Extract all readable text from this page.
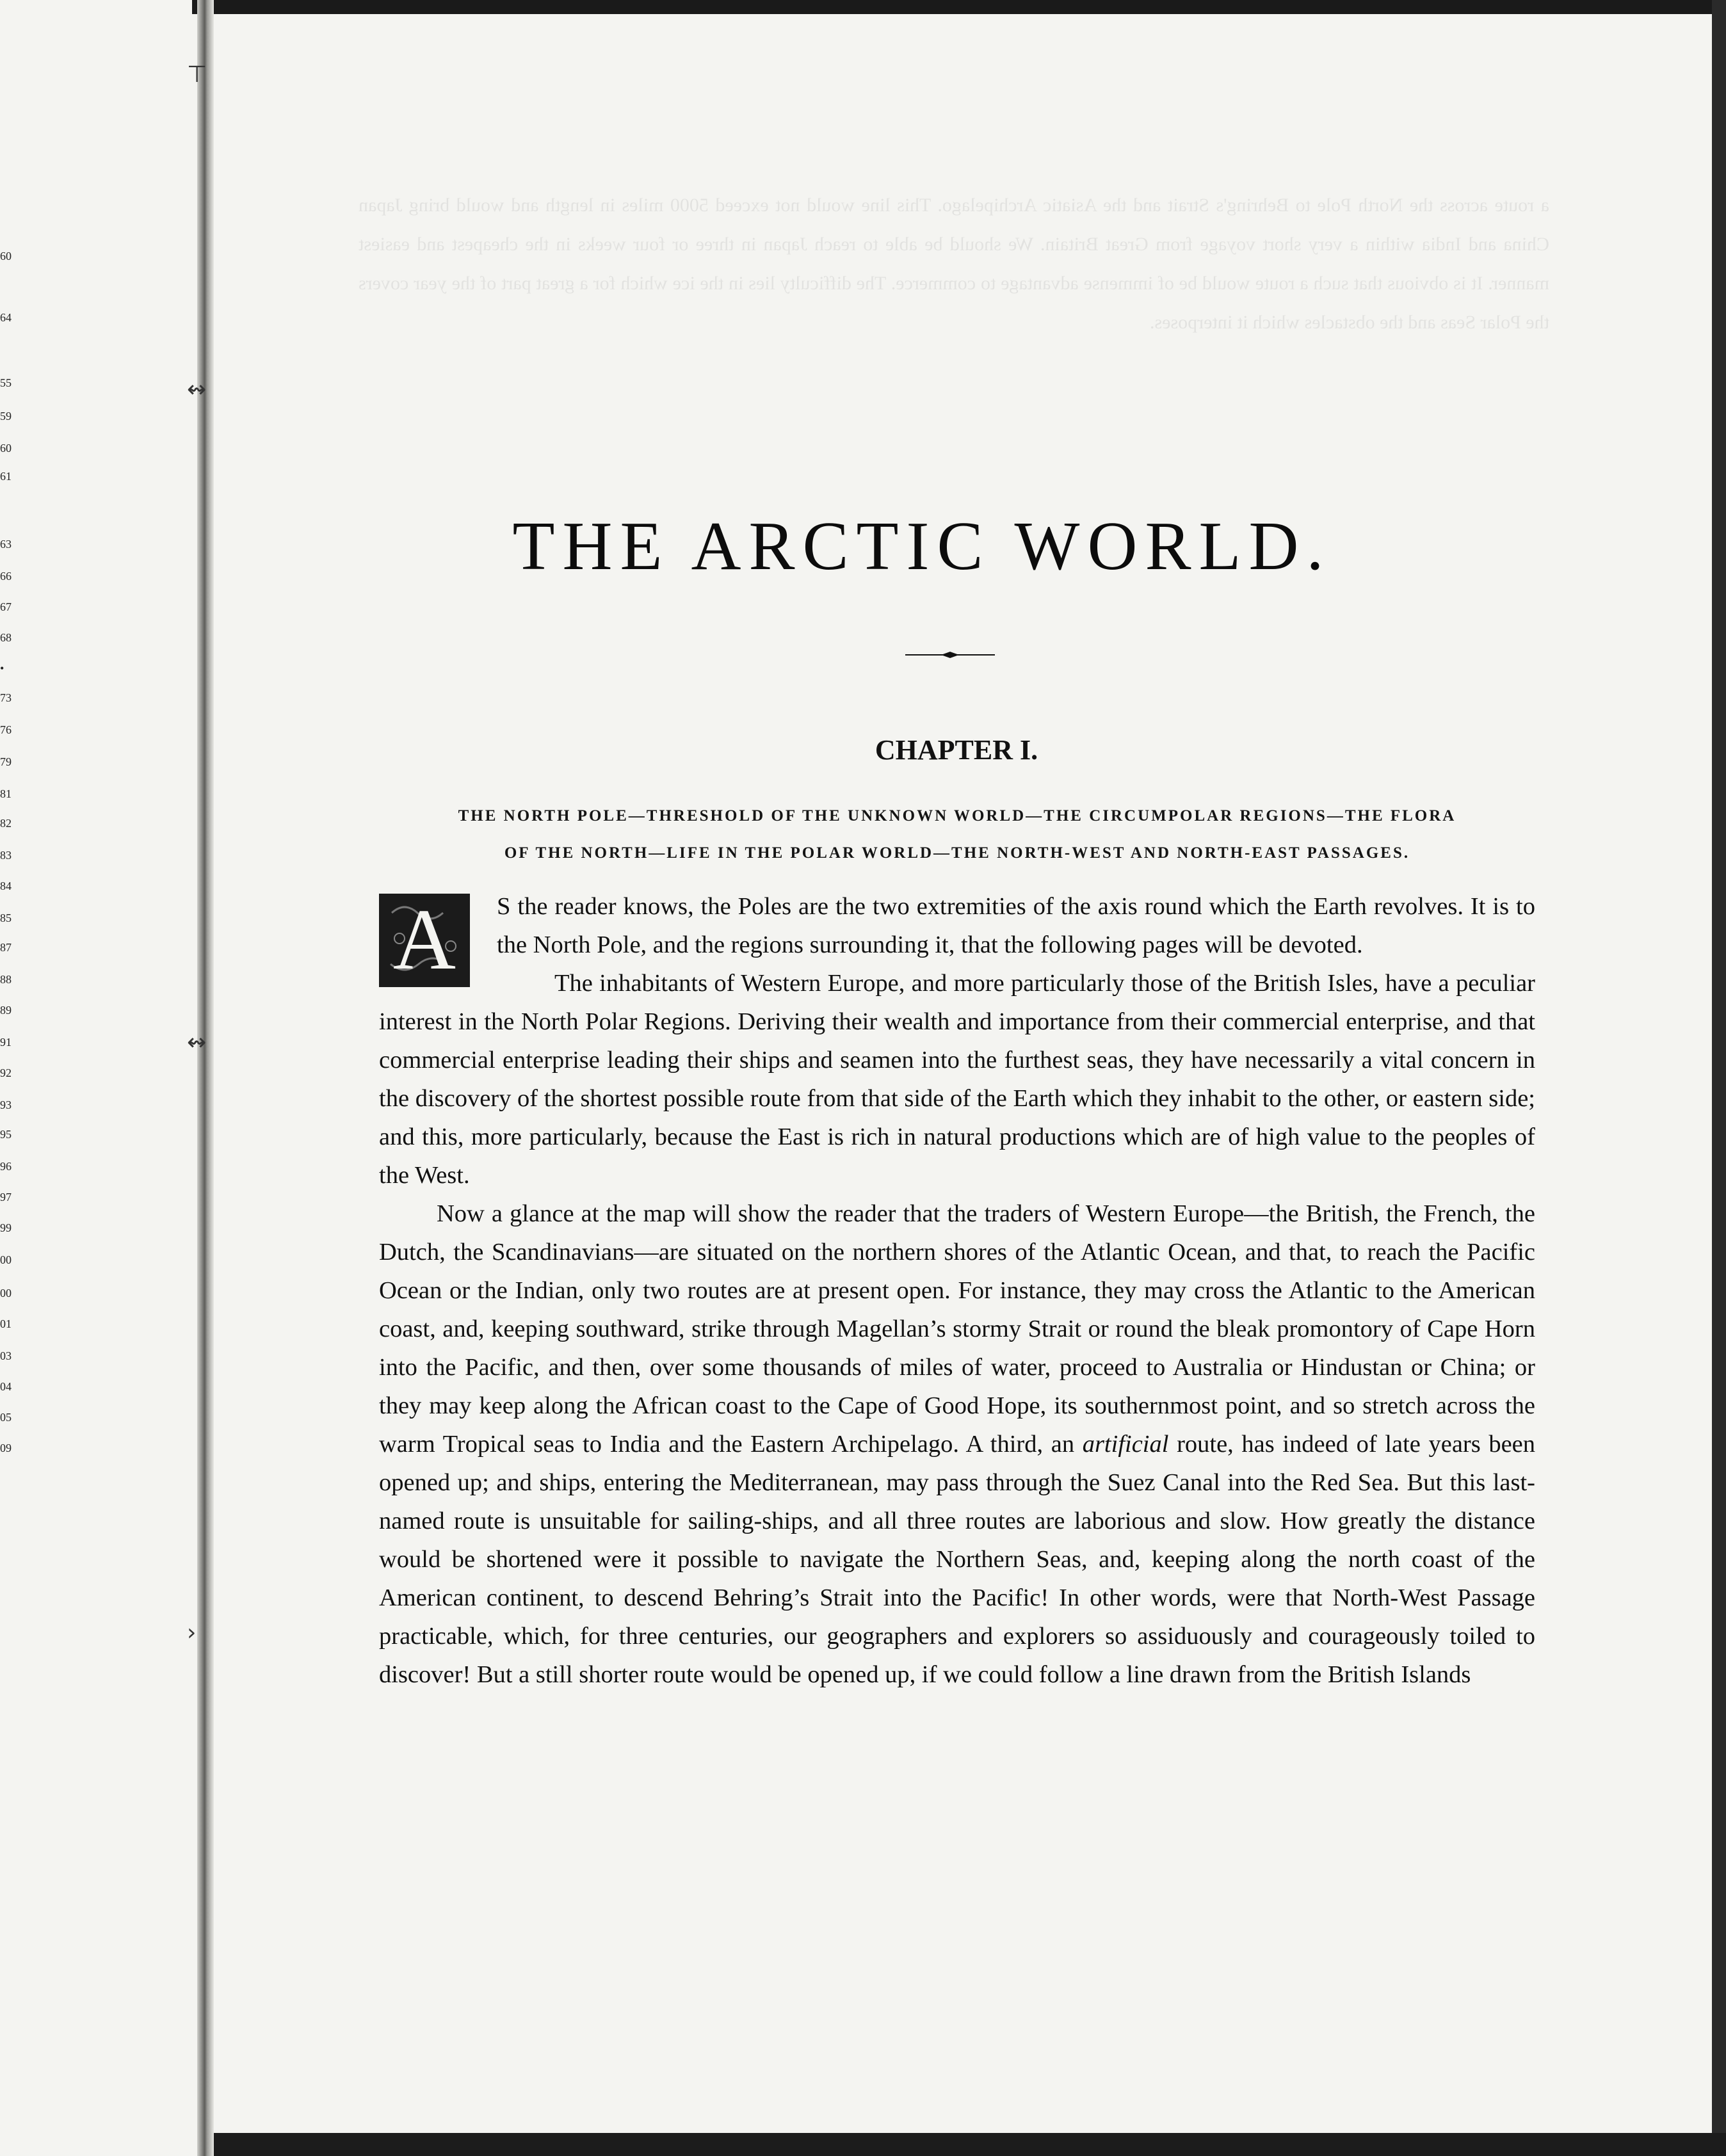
⊤
↭
↭
›
60
64
55
59
60
61
63
66
67
68
•
73
76
79
81
82
83
84
85
87
88
89
91
92
93
95
96
97
99
00
00
01
03
04
05
09
a route across the North Pole to Behring's Strait and the Asiatic Archipelago. This line would not exceed 5000 miles in length and would bring Japan China and India within a very short voyage from Great Britain. We should be able to reach Japan in three or four weeks in the cheapest and easiest manner. It is obvious that such a route would be of immense advantage to commerce. The difficulty lies in the ice which for a great part of the year covers the Polar Seas and the obstacles which it interposes.
THE ARCTIC WORLD.
CHAPTER I.
THE NORTH POLE—THRESHOLD OF THE UNKNOWN WORLD—THE CIRCUMPOLAR REGIONS—THE FLORA
OF THE NORTH—LIFE IN THE POLAR WORLD—THE NORTH-WEST AND NORTH-EAST PASSAGES.

A	S the reader knows, the Poles are the two extremities of the axis round which the Earth revolves. It is to the North Pole, and the regions surrounding it, that the following pages will be devoted.

The inhabitants of Western Europe, and more particularly those of the British Isles, have a peculiar interest in the North Polar Regions. Deriving their wealth and importance from their commercial enterprise, and that commercial enterprise leading their ships and seamen into the furthest seas, they have necessarily a vital concern in the discovery of the shortest possible route from that side of the Earth which they inhabit to the other, or eastern side; and this, more particularly, because the East is rich in natural productions which are of high value to the peoples of the West.

Now a glance at the map will show the reader that the traders of Western Europe—the British, the French, the Dutch, the Scandinavians—are situated on the northern shores of the Atlantic Ocean, and that, to reach the Pacific Ocean or the Indian, only two routes are at present open. For instance, they may cross the Atlantic to the American coast, and, keeping southward, strike through Magellan’s stormy Strait or round the bleak promontory of Cape Horn into the Pacific, and then, over some thousands of miles of water, proceed to Australia or Hindustan or China; or they may keep along the African coast to the Cape of Good Hope, its southernmost point, and so stretch across the warm Tropical seas to India and the Eastern Archipelago. A third, an artificial route, has indeed of late years been opened up; and ships, entering the Mediterranean, may pass through the Suez Canal into the Red Sea. But this last-named route is unsuitable for sailing-ships, and all three routes are laborious and slow. How greatly the distance would be shortened were it possible to navigate the Northern Seas, and, keeping along the north coast of the American continent, to descend Behring’s Strait into the Pacific! In other words, were that North-West Passage practicable, which, for three centuries, our geographers and explorers so assiduously and courageously toiled to discover! But a still shorter route would be opened up, if we could follow a line drawn from the British Islands
